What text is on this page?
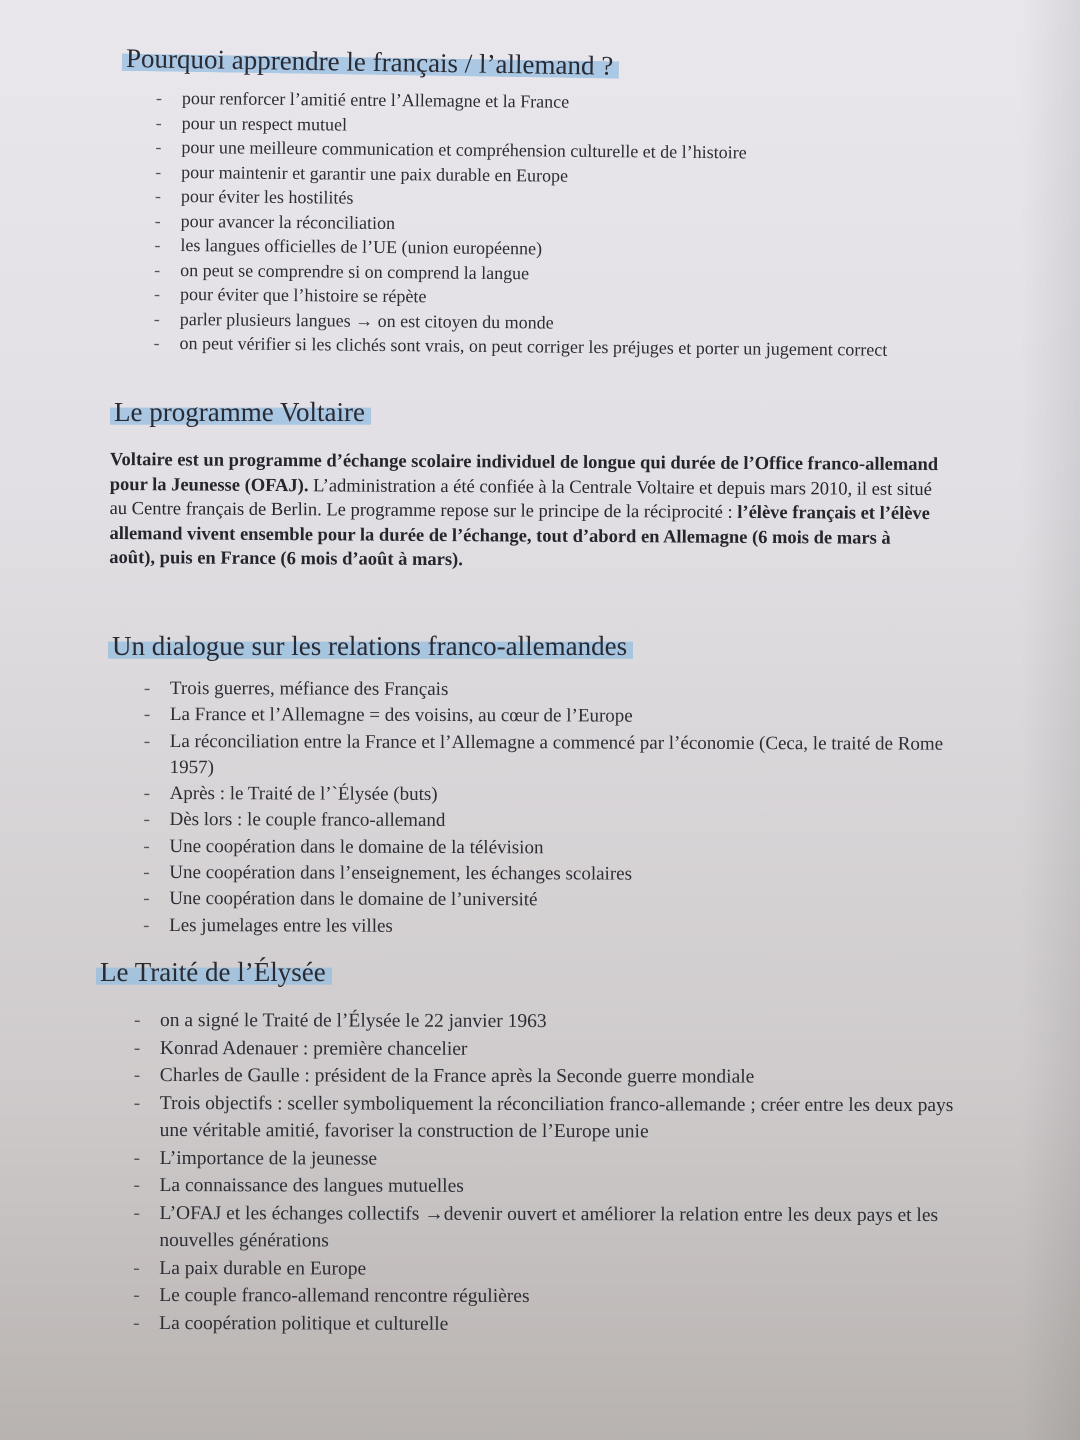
Pourquoi apprendre le français / l’allemand ?
- pour renforcer l’amitié entre l’Allemagne et la France
- pour un respect mutuel
- pour une meilleure communication et compréhension culturelle et de l’histoire
- pour maintenir et garantir une paix durable en Europe
- pour éviter les hostilités
- pour avancer la réconciliation
- les langues officielles de l’UE (union européenne)
- on peut se comprendre si on comprend la langue
- pour éviter que l’histoire se répète
- parler plusieurs langues → on est citoyen du monde
- on peut vérifier si les clichés sont vrais, on peut corriger les préjuges et porter un jugement correct
Le programme Voltaire

Voltaire est un programme d’échange scolaire individuel de longue qui durée de l’Office franco-allemand pour la Jeunesse (OFAJ). L’administration a été confiée à la Centrale Voltaire et depuis mars 2010, il est situé au Centre français de Berlin. Le programme repose sur le principe de la réciprocité : l’élève français et l’élève allemand vivent ensemble pour la durée de l’échange, tout d’abord en Allemagne (6 mois de mars à août), puis en France (6 mois d’août à mars).

Un dialogue sur les relations franco-allemandes
- Trois guerres, méfiance des Français
- La France et l’Allemagne = des voisins, au cœur de l’Europe
- La réconciliation entre la France et l’Allemagne a commencé par l’économie (Ceca, le traité de Rome 1957)
- Après : le Traité de l’`Élysée (buts)
- Dès lors : le couple franco-allemand
- Une coopération dans le domaine de la télévision
- Une coopération dans l’enseignement, les échanges scolaires
- Une coopération dans le domaine de l’université
- Les jumelages entre les villes
Le Traité de l’Élysée
- on a signé le Traité de l’Élysée le 22 janvier 1963
- Konrad Adenauer : première chancelier
- Charles de Gaulle : président de la France après la Seconde guerre mondiale
- Trois objectifs : sceller symboliquement la réconciliation franco-allemande ; créer entre les deux pays une véritable amitié, favoriser la construction de l’Europe unie
- L’importance de la jeunesse
- La connaissance des langues mutuelles
- L’OFAJ et les échanges collectifs →devenir ouvert et améliorer la relation entre les deux pays et les nouvelles générations
- La paix durable en Europe
- Le couple franco-allemand rencontre régulières
- La coopération politique et culturelle
